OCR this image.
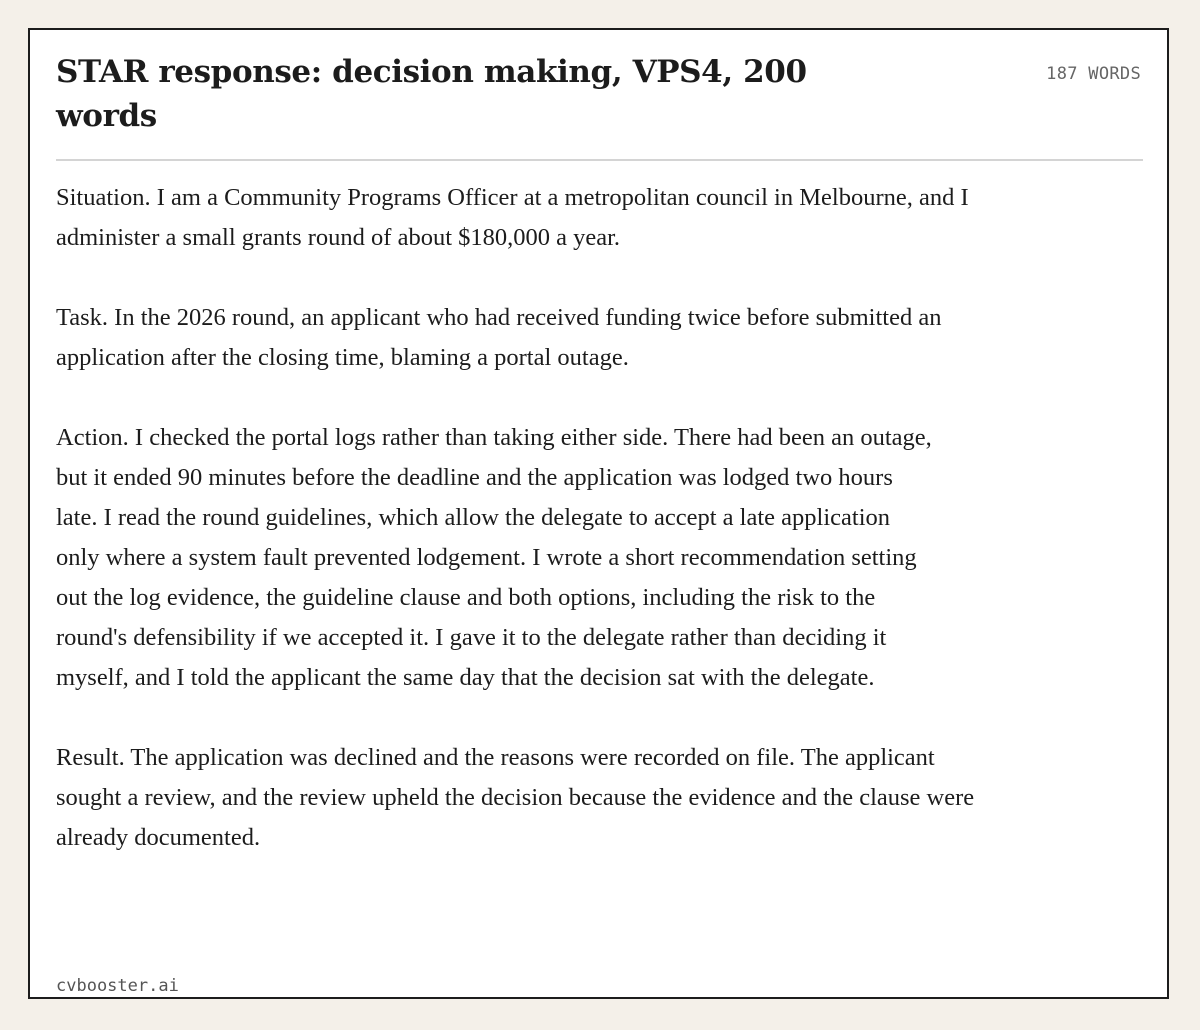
STAR response: decision making, VPS4, 200 words
187 WORDS

Situation. I am a Community Programs Officer at a metropolitan council in Melbourne, and I administer a small grants round of about $180,000 a year.

Task. In the 2026 round, an applicant who had received funding twice before submitted an application after the closing time, blaming a portal outage.

Action. I checked the portal logs rather than taking either side. There had been an outage, but it ended 90 minutes before the deadline and the application was lodged two hours late. I read the round guidelines, which allow the delegate to accept a late application only where a system fault prevented lodgement. I wrote a short recommendation setting out the log evidence, the guideline clause and both options, including the risk to the round's defensibility if we accepted it. I gave it to the delegate rather than deciding it myself, and I told the applicant the same day that the decision sat with the delegate.

Result. The application was declined and the reasons were recorded on file. The applicant sought a review, and the review upheld the decision because the evidence and the clause were already documented.

cvbooster.ai
